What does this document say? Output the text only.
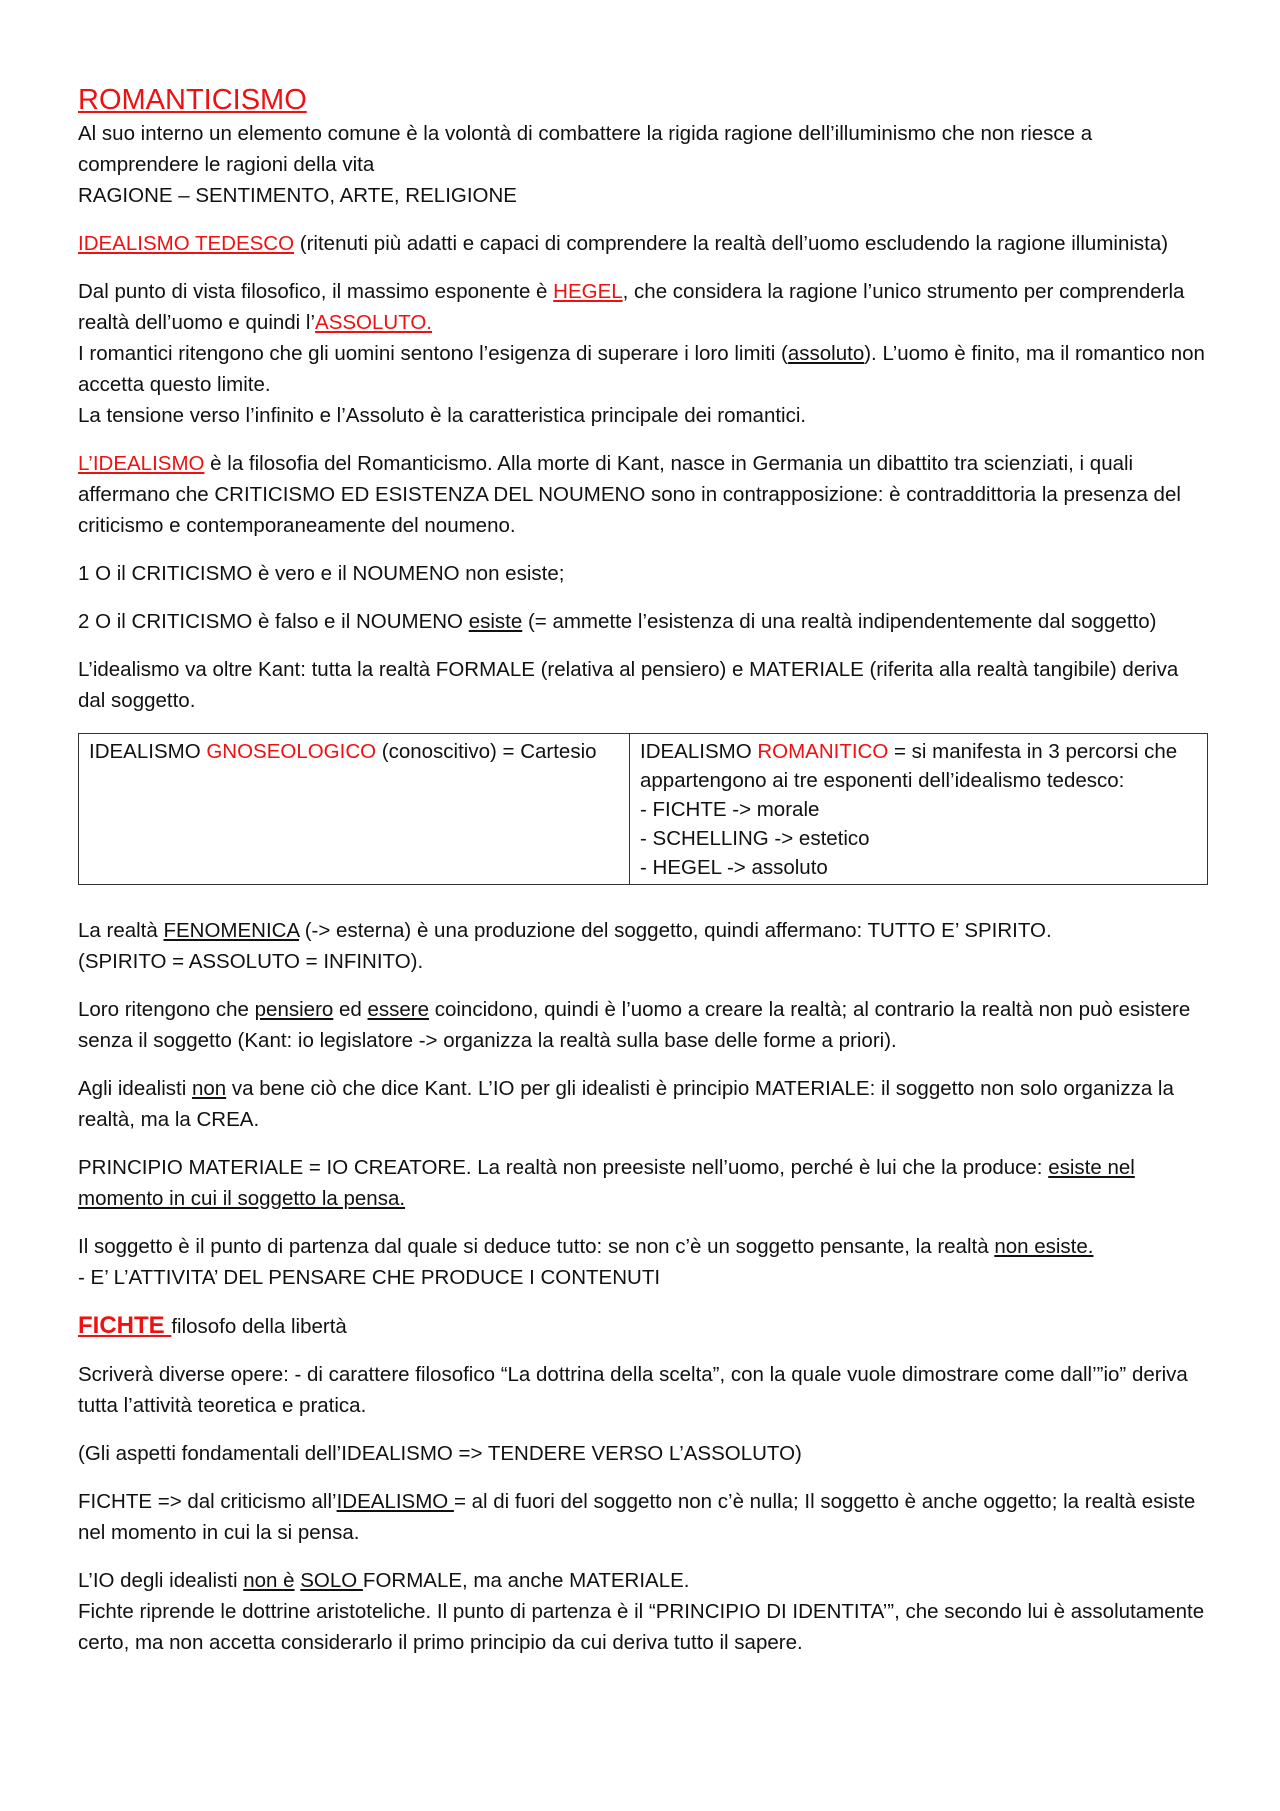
ROMANTICISMO

Al suo interno un elemento comune è la volontà di combattere la rigida ragione dell’illuminismo che non riesce a comprendere le ragioni della vita
RAGIONE – SENTIMENTO, ARTE, RELIGIONE

IDEALISMO TEDESCO (ritenuti più adatti e capaci di comprendere la realtà dell’uomo escludendo la ragione illuminista)

Dal punto di vista filosofico, il massimo esponente è HEGEL, che considera la ragione l’unico strumento per comprenderla realtà dell’uomo e quindi l’ASSOLUTO.
I romantici ritengono che gli uomini sentono l’esigenza di superare i loro limiti (assoluto). L’uomo è finito, ma il romantico non accetta questo limite.
La tensione verso l’infinito e l’Assoluto è la caratteristica principale dei romantici.

L’IDEALISMO è la filosofia del Romanticismo. Alla morte di Kant, nasce in Germania un dibattito tra scienziati, i quali affermano che CRITICISMO ED ESISTENZA DEL NOUMENO sono in contrapposizione: è contraddittoria la presenza del criticismo e contemporaneamente del noumeno.

1 O il CRITICISMO è vero e il NOUMENO non esiste;

2 O il CRITICISMO è falso e il NOUMENO esiste (= ammette l’esistenza di una realtà indipendentemente dal soggetto)

L’idealismo va oltre Kant: tutta la realtà FORMALE (relativa al pensiero) e MATERIALE (riferita alla realtà tangibile) deriva dal soggetto.

IDEALISMO GNOSEOLOGICO (conoscitivo) = Cartesio	IDEALISMO ROMANITICO = si manifesta in 3 percorsi che appartengono ai tre esponenti dell’idealismo tedesco:
- FICHTE -> morale
- SCHELLING -> estetico
- HEGEL -> assoluto

La realtà FENOMENICA (-> esterna) è una produzione del soggetto, quindi affermano: TUTTO E’ SPIRITO.
(SPIRITO = ASSOLUTO = INFINITO).

Loro ritengono che pensiero ed essere coincidono, quindi è l’uomo a creare la realtà; al contrario la realtà non può esistere senza il soggetto (Kant: io legislatore -> organizza la realtà sulla base delle forme a priori).

Agli idealisti non va bene ciò che dice Kant. L’IO per gli idealisti è principio MATERIALE: il soggetto non solo organizza la realtà, ma la CREA.

PRINCIPIO MATERIALE = IO CREATORE. La realtà non preesiste nell’uomo, perché è lui che la produce: esiste nel momento in cui il soggetto la pensa.

Il soggetto è il punto di partenza dal quale si deduce tutto: se non c’è un soggetto pensante, la realtà non esiste.
- E’ L’ATTIVITA’ DEL PENSARE CHE PRODUCE I CONTENUTI

FICHTE filosofo della libertà

Scriverà diverse opere: - di carattere filosofico “La dottrina della scelta”, con la quale vuole dimostrare come dall’”io” deriva tutta l’attività teoretica e pratica.

(Gli aspetti fondamentali dell’IDEALISMO => TENDERE VERSO L’ASSOLUTO)

FICHTE => dal criticismo all’IDEALISMO = al di fuori del soggetto non c’è nulla; Il soggetto è anche oggetto; la realtà esiste nel momento in cui la si pensa.

L’IO degli idealisti non è SOLO FORMALE, ma anche MATERIALE.
Fichte riprende le dottrine aristoteliche. Il punto di partenza è il “PRINCIPIO DI IDENTITA’”, che secondo lui è assolutamente certo, ma non accetta considerarlo il primo principio da cui deriva tutto il sapere.
